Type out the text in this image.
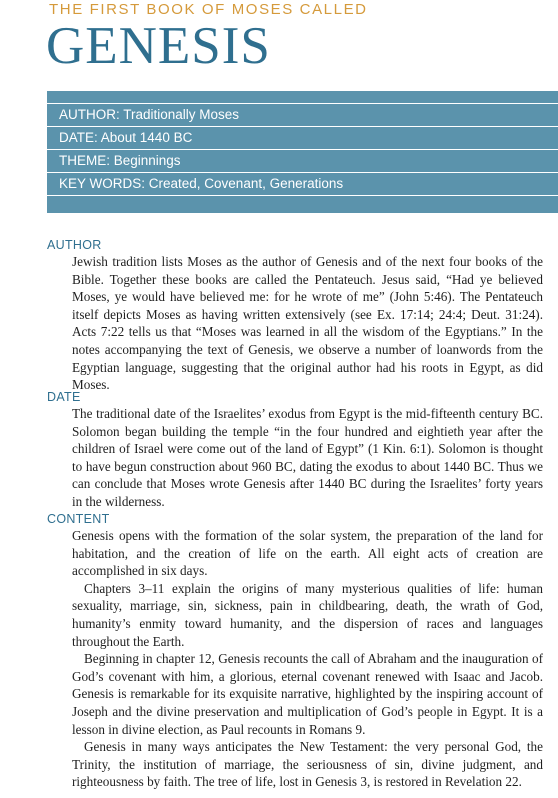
THE FIRST BOOK OF MOSES CALLED
GENESIS
AUTHOR: Traditionally Moses
DATE: About 1440 BC
THEME: Beginnings
KEY WORDS: Created, Covenant, Generations
AUTHOR

Jewish tradition lists Moses as the author of Genesis and of the next four books of the Bible. Together these books are called the Pentateuch. Jesus said, “Had ye believed Moses, ye would have believed me: for he wrote of me” (John 5:46). The Pentateuch itself depicts Moses as having written extensively (see Ex. 17:14; 24:4; Deut. 31:24). Acts 7:22 tells us that “Moses was learned in all the wisdom of the Egyptians.” In the notes accompanying the text of Genesis, we observe a number of loanwords from the Egyptian language, suggesting that the original author had his roots in Egypt, as did Moses.

DATE

The traditional date of the Israelites’ exodus from Egypt is the mid-fifteenth century BC. Solomon began building the temple “in the four hundred and eightieth year after the children of Israel were come out of the land of Egypt” (1 Kin. 6:1). Solomon is thought to have begun construction about 960 BC, dating the exodus to about 1440 BC. Thus we can conclude that Moses wrote Genesis after 1440 BC during the Israelites’ forty years in the wilderness.

CONTENT

Genesis opens with the formation of the solar system, the preparation of the land for habitation, and the creation of life on the earth. All eight acts of creation are accomplished in six days.

Chapters 3–11 explain the origins of many mysterious qualities of life: human sexuality, marriage, sin, sickness, pain in childbearing, death, the wrath of God, humanity’s enmity toward humanity, and the dispersion of races and languages throughout the Earth.

Beginning in chapter 12, Genesis recounts the call of Abraham and the inauguration of God’s covenant with him, a glorious, eternal covenant renewed with Isaac and Jacob. Genesis is remarkable for its exquisite narrative, highlighted by the inspiring account of Joseph and the divine preservation and multiplication of God’s people in Egypt. It is a lesson in divine election, as Paul recounts in Romans 9.

Genesis in many ways anticipates the New Testament: the very personal God, the Trinity, the institution of marriage, the seriousness of sin, divine judgment, and righteousness by faith. The tree of life, lost in Genesis 3, is restored in Revelation 22.
